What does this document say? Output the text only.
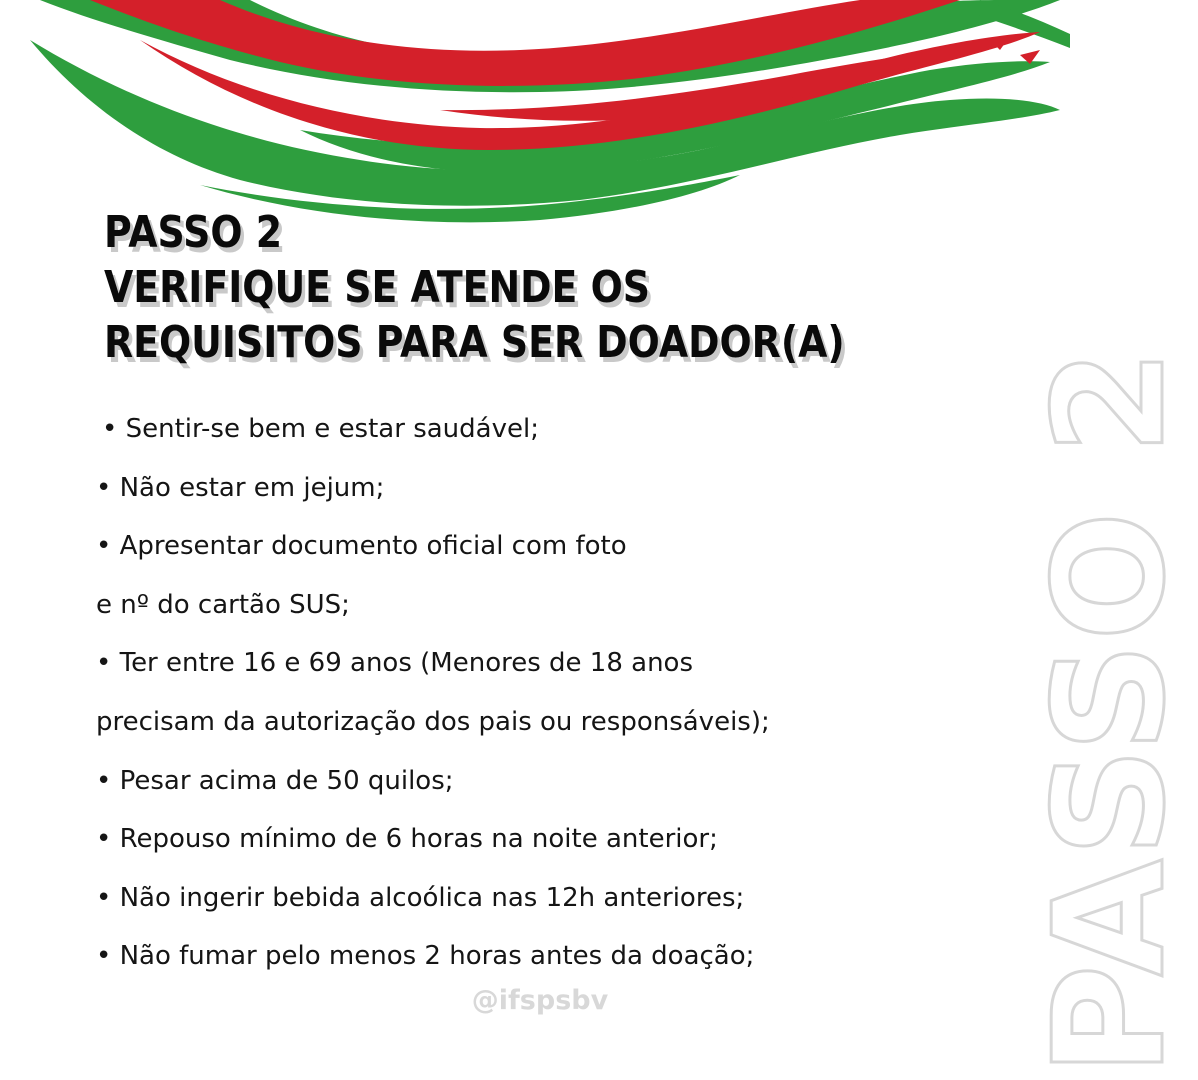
PASSO 2
VERIFIQUE SE ATENDE OS
REQUISITOS PARA SER DOADOR(A)
• Sentir-se bem e estar saudável;
• Não estar em jejum;
• Apresentar documento oficial com foto
e nº do cartão SUS;
• Ter entre 16 e 69 anos (Menores de 18 anos
precisam da autorização dos pais ou responsáveis);
• Pesar acima de 50 quilos;
• Repouso mínimo de 6 horas na noite anterior;
• Não ingerir bebida alcoólica nas 12h anteriores;
• Não fumar pelo menos 2 horas antes da doação;
@ifspsbv	PASSO 2
